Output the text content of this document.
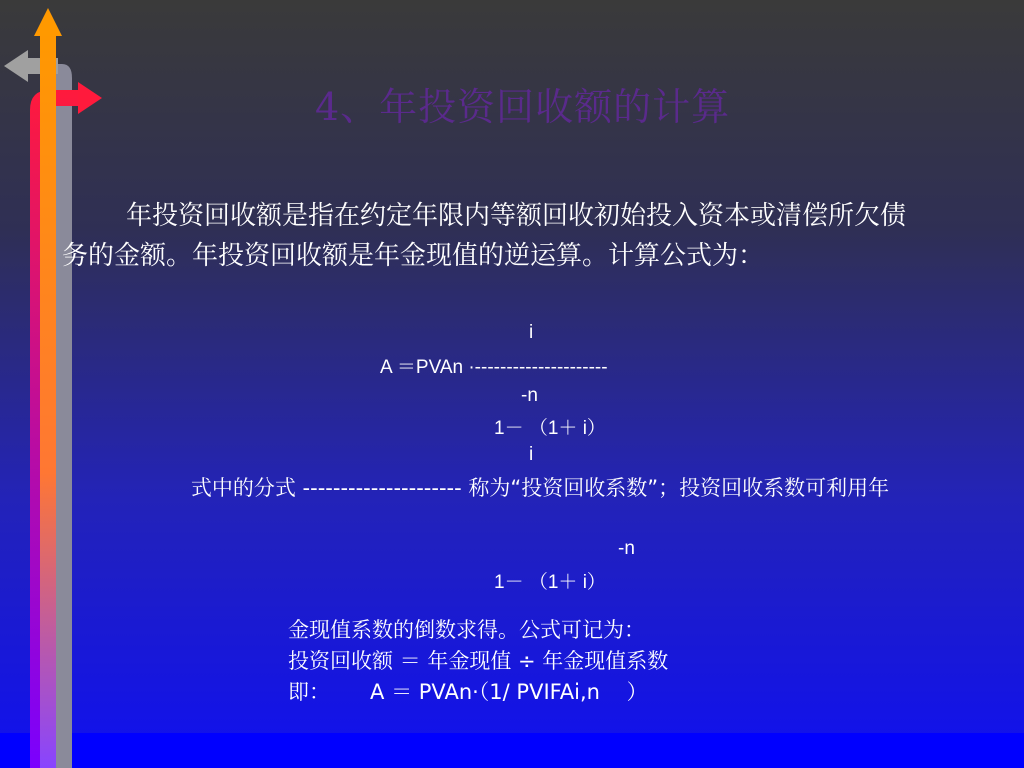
4、年投资回收额的计算

年投资回收额是指在约定年限内等额回收初始投入资本或清偿所欠债务的金额。年投资回收额是年金现值的逆运算。计算公式为：

i
A ＝PVAn ·---------------------
-n
1－ （1＋ i）
i
式中的分式 --------------------- 称为“投资回收系数”；投资回收系数可利用年
-n
1－ （1＋ i）
金现值系数的倒数求得。公式可记为：
投资回收额 ＝ 年金现值 ÷ 年金现值系数
即：      A ＝ PVAn·（1/ PVIFAi,n    ）
